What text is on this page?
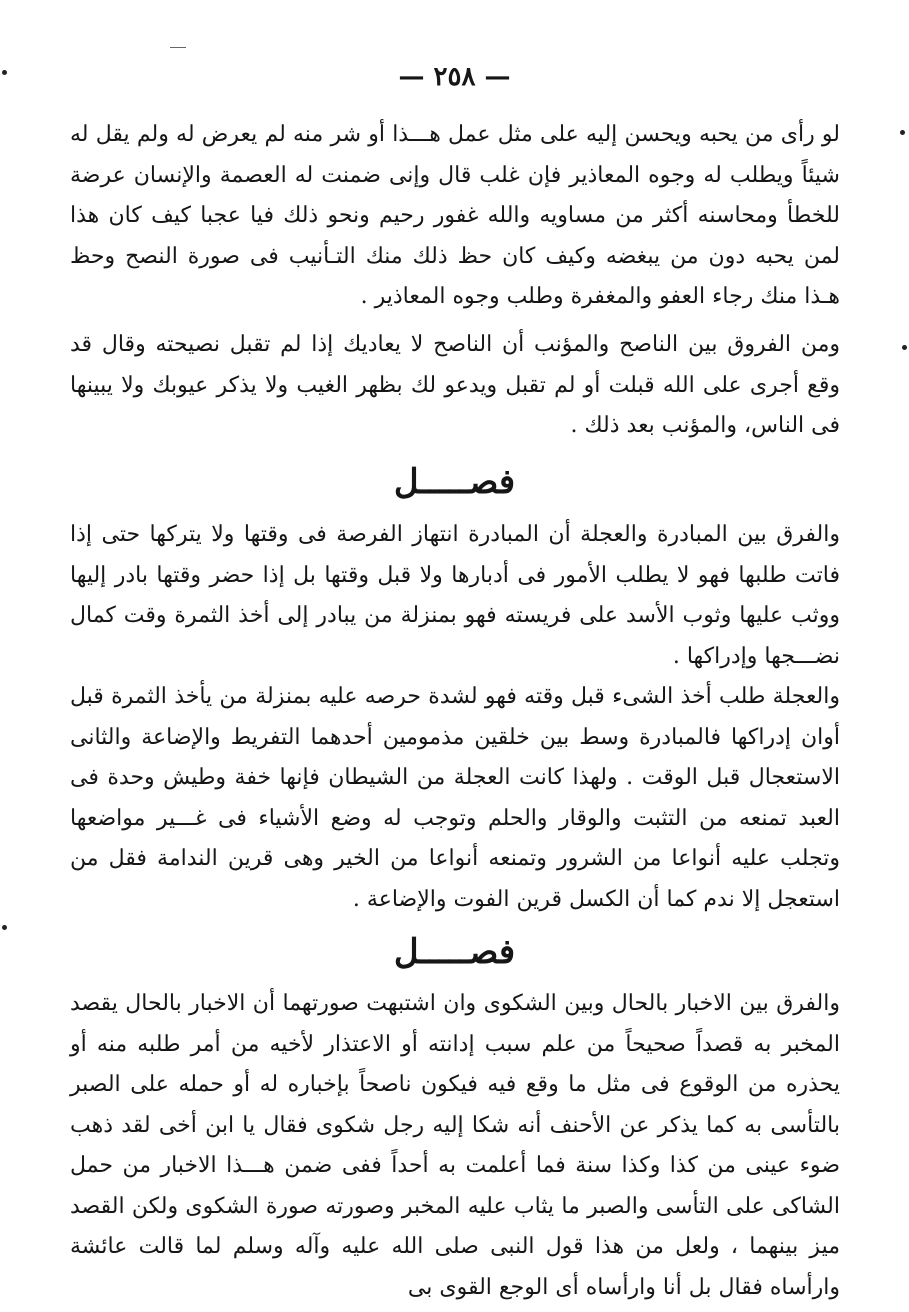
— ٢٥٨ —

لو رأى من يحبه ويحسن إليه على مثل عمل هـــذا أو شر منه لم يعرض له ولم يقل له شيئاً ويطلب له وجوه المعاذير فإن غلب قال وإنى ضمنت له العصمة والإنسان عرضة للخطأ ومحاسنه أكثر من مساويه والله غفور رحيم ونحو ذلك فيا عجبا كيف كان هذا لمن يحبه دون من يبغضه وكيف كان حظ ذلك منك التـأنيب فى صورة النصح وحظ هـذا منك رجاء العفو والمغفرة وطلب وجوه المعاذير .

ومن الفروق بين الناصح والمؤنب أن الناصح لا يعاديك إذا لم تقبل نصيحته وقال قد وقع أجرى على الله قبلت أو لم تقبل ويدعو لك بظهر الغيب ولا يذكر عيوبك ولا يبينها فى الناس، والمؤنب بعد ذلك .

فصـــــل

والفرق بين المبادرة والعجلة أن المبادرة انتهاز الفرصة فى وقتها ولا يتركها حتى إذا فاتت طلبها فهو لا يطلب الأمور فى أدبارها ولا قبل وقتها بل إذا حضر وقتها بادر إليها ووثب عليها وثوب الأسد على فريسته فهو بمنزلة من يبادر إلى أخذ الثمرة وقت كمال نضـــجها وإدراكها .

والعجلة طلب أخذ الشىء قبل وقته فهو لشدة حرصه عليه بمنزلة من يأخذ الثمرة قبل أوان إدراكها فالمبادرة وسط بين خلقين مذمومين أحدهما التفريط والإضاعة والثانى الاستعجال قبل الوقت . ولهذا كانت العجلة من الشيطان فإنها خفة وطيش وحدة فى العبد تمنعه من التثبت والوقار والحلم وتوجب له وضع الأشياء فى غـــير مواضعها وتجلب عليه أنواعا من الشرور وتمنعه أنواعا من الخير وهى قرين الندامة فقل من استعجل إلا ندم كما أن الكسل قرين الفوت والإضاعة .

فصـــــل

والفرق بين الاخبار بالحال وبين الشكوى وان اشتبهت صورتهما أن الاخبار بالحال يقصد المخبر به قصداً صحيحاً من علم سبب إدانته أو الاعتذار لأخيه من أمر طلبه منه أو يحذره من الوقوع فى مثل ما وقع فيه فيكون ناصحاً بإخباره له أو حمله على الصبر بالتأسى به كما يذكر عن الأحنف أنه شكا إليه رجل شكوى فقال يا ابن أخى لقد ذهب ضوء عينى من كذا وكذا سنة فما أعلمت به أحداً ففى ضمن هـــذا الاخبار من حمل الشاكى على التأسى والصبر ما يثاب عليه المخبر وصورته صورة الشكوى ولكن القصد ميز بينهما ، ولعل من هذا قول النبى صلى الله عليه وآله وسلم لما قالت عائشة وارأساه فقال بل أنا وارأساه أى الوجع القوى بى
